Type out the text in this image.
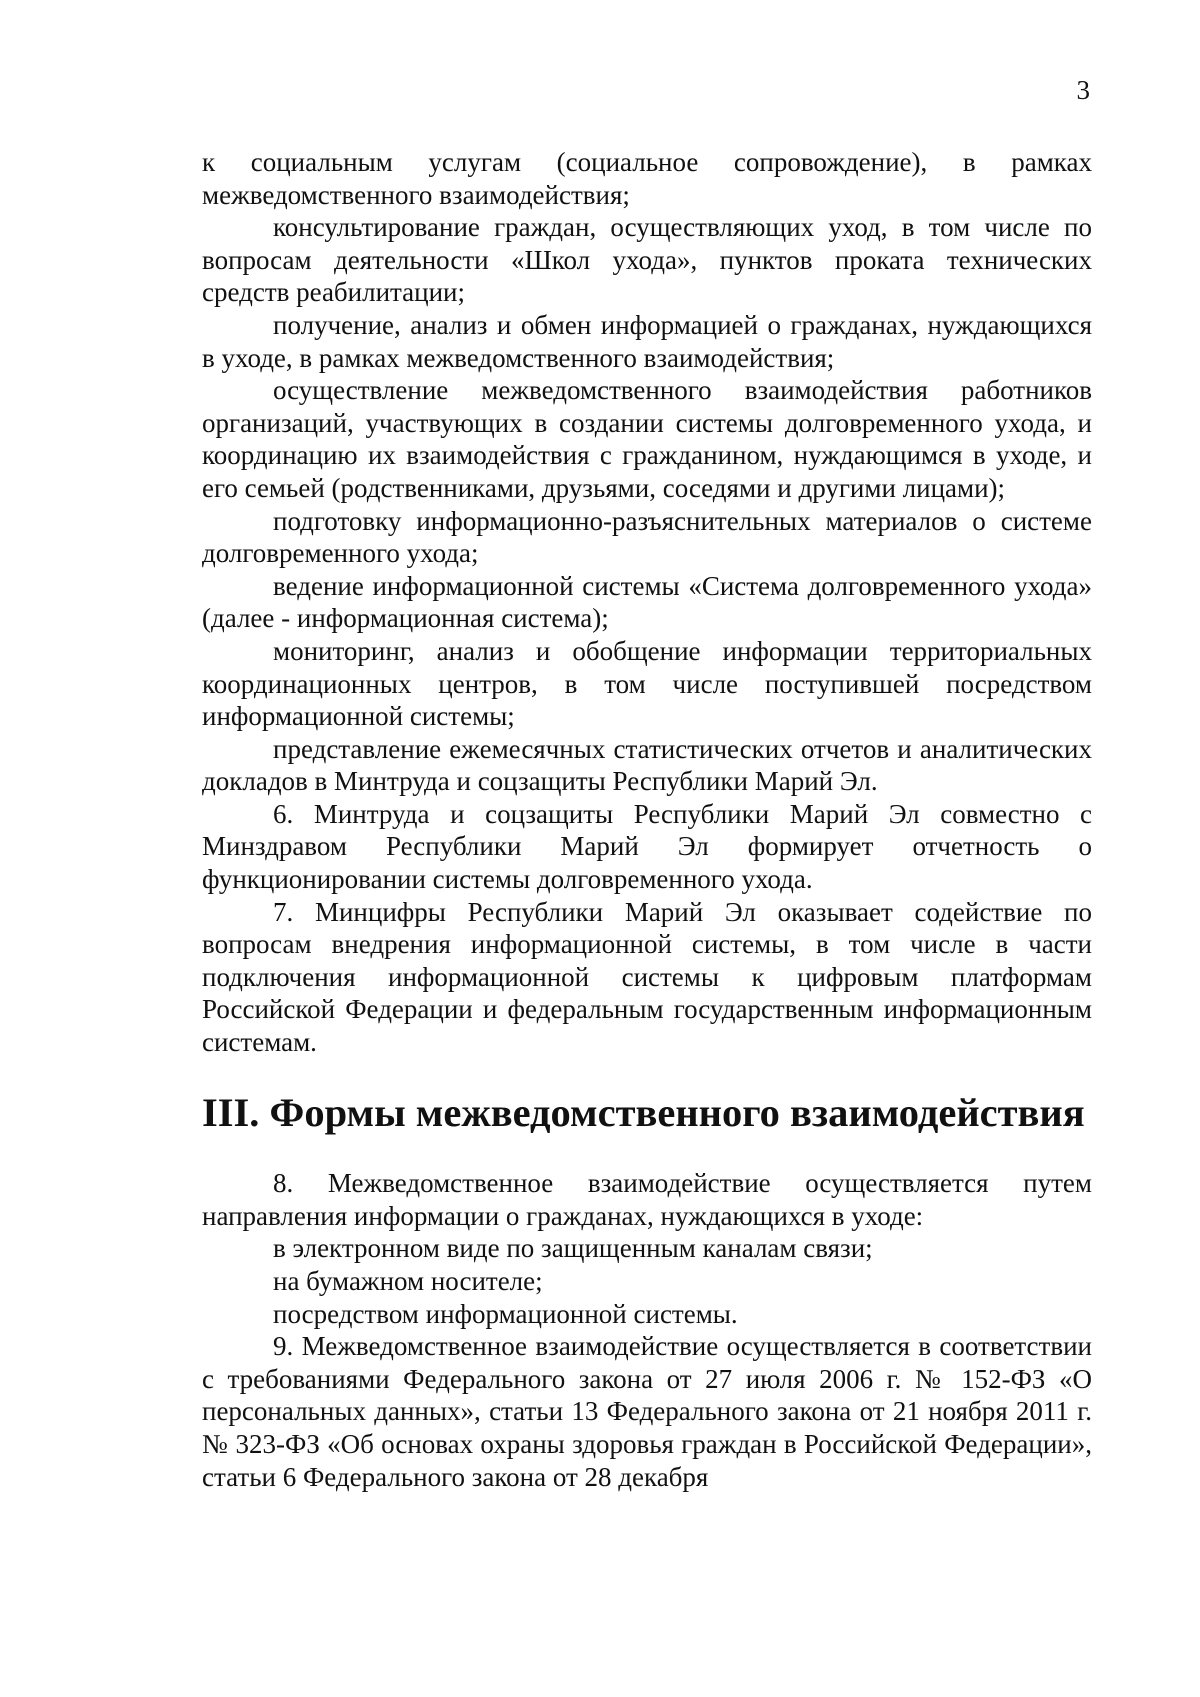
3

к социальным услугам (социальное сопровождение), в рамках межведомственного взаимодействия;

консультирование граждан, осуществляющих уход, в том числе по вопросам деятельности «Школ ухода», пунктов проката технических средств реабилитации;

получение, анализ и обмен информацией о гражданах, нуждающихся в уходе, в рамках межведомственного взаимодействия;

осуществление межведомственного взаимодействия работников организаций, участвующих в создании системы долговременного ухода, и координацию их взаимодействия с гражданином, нуждающимся в уходе, и его семьей (родственниками, друзьями, соседями и другими лицами);

подготовку информационно-разъяснительных материалов о системе долговременного ухода;

ведение информационной системы «Система долговременного ухода» (далее - информационная система);

мониторинг, анализ и обобщение информации территориальных координационных центров, в том числе поступившей посредством информационной системы;

представление ежемесячных статистических отчетов и аналитических докладов в Минтруда и соцзащиты Республики Марий Эл.

6. Минтруда и соцзащиты Республики Марий Эл совместно с Минздравом Республики Марий Эл формирует отчетность о функционировании системы долговременного ухода.

7. Минцифры Республики Марий Эл оказывает содействие по вопросам внедрения информационной системы, в том числе в части подключения информационной системы к цифровым платформам Российской Федерации и федеральным государственным информационным системам.

III. Формы межведомственного взаимодействия

8. Межведомственное взаимодействие осуществляется путем направления информации о гражданах, нуждающихся в уходе:

в электронном виде по защищенным каналам связи;

на бумажном носителе;

посредством информационной системы.

9. Межведомственное взаимодействие осуществляется в соответствии с требованиями Федерального закона от 27 июля 2006 г. № 152-ФЗ «О персональных данных», статьи 13 Федерального закона от 21 ноября 2011 г. № 323-ФЗ «Об основах охраны здоровья граждан в Российской Федерации», статьи 6 Федерального закона от 28 декабря
